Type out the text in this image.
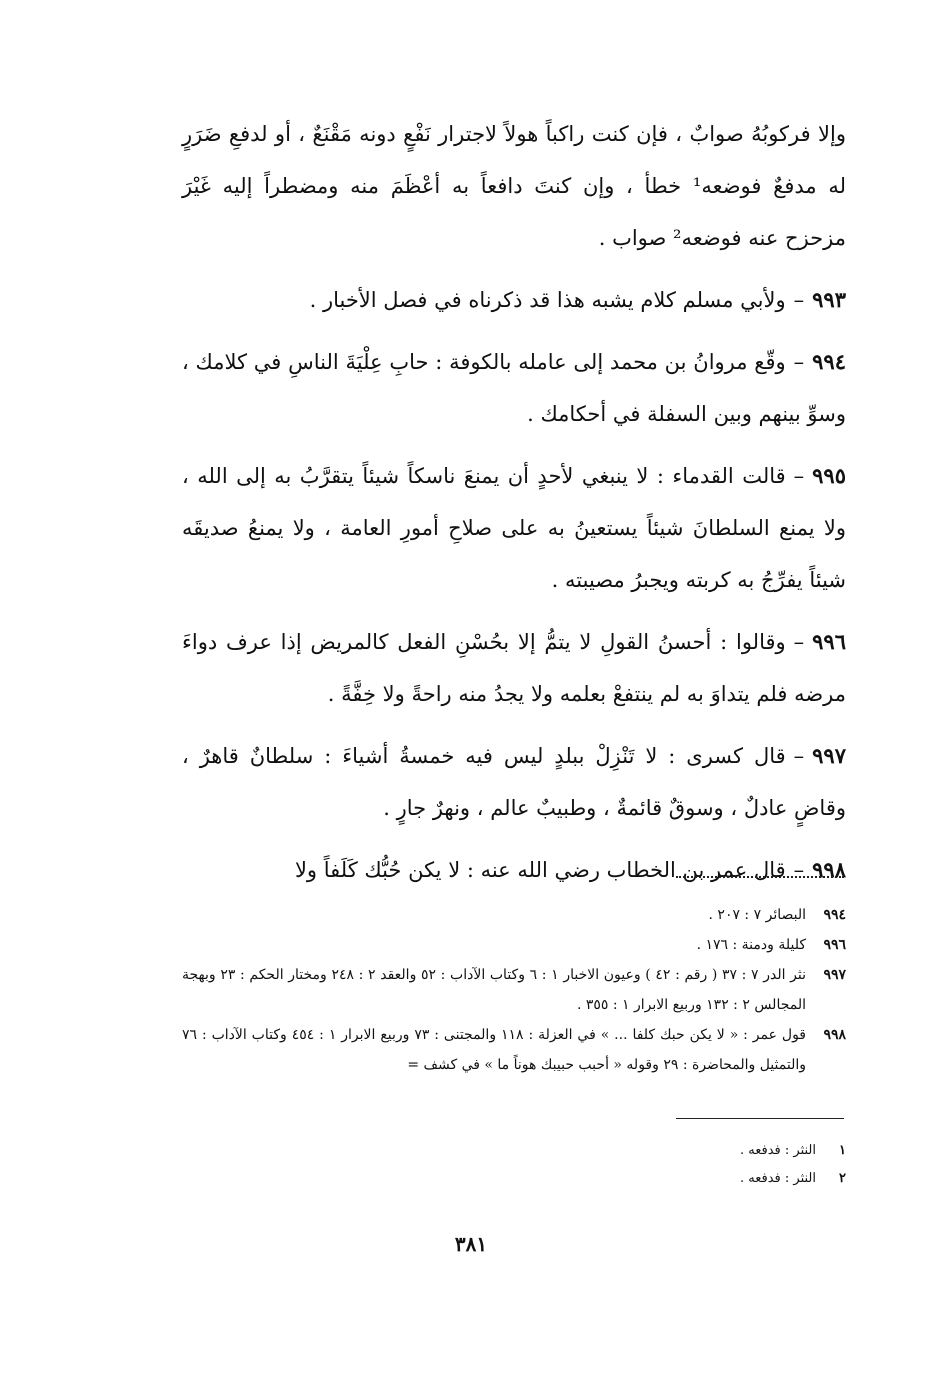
وإلا فركوبُهُ صوابٌ ، فإن كنت راكباً هولاً لاجترار نَفْعٍ دونه مَقْنَعٌ ، أو لدفعِ ضَرَرٍ له مدفعٌ فوضعه¹ خطأ ، وإن كنتَ دافعاً به أعْظَمَ منه ومضطراً إليه غَيْرَ مزحزح عنه فوضعه² صواب .

٩٩٣–ولأبي مسلم كلام يشبه هذا قد ذكرناه في فصل الأخبار .

٩٩٤–وقّع مروانُ بن محمد إلى عامله بالكوفة : حابِ عِلْيَةَ الناسِ في كلامك ، وسوِّ بينهم وبين السفلة في أحكامك .

٩٩٥–قالت القدماء : لا ينبغي لأحدٍ أن يمنعَ ناسكاً شيئاً يتقرَّبُ به إلى الله ، ولا يمنع السلطانَ شيئاً يستعينُ به على صلاحِ أمورِ العامة ، ولا يمنعُ صديقَه شيئاً يفرِّجُ به كربته ويجبرُ مصيبته .

٩٩٦–وقالوا : أحسنُ القولِ لا يتمُّ إلا بحُسْنِ الفعل كالمريض إذا عرف دواءَ مرضه فلم يتداوَ به لم ينتفعْ بعلمه ولا يجدُ منه راحةً ولا خِفَّةً .

٩٩٧–قال كسرى : لا تَنْزِلْ ببلدٍ ليس فيه خمسةُ أشياءَ : سلطانٌ قاهرٌ ، وقاضٍ عادلٌ ، وسوقٌ قائمةٌ ، وطبيبٌ عالم ، ونهرٌ جارٍ .

٩٩٨–قال عمر بن الخطاب رضي الله عنه : لا يكن حُبُّك كَلَفاً ولا

٩٩٤
البصائر ٧ : ٢٠٧ .

٩٩٦
كليلة ودمنة : ١٧٦ .

٩٩٧
نثر الدر ٧ : ٣٧ ( رقم : ٤٢ ) وعيون الاخبار ١ : ٦ وكتاب الآداب : ٥٢ والعقد ٢ : ٢٤٨ ومختار الحكم : ٢٣ وبهجة المجالس ٢ : ١٣٢ وربيع الابرار ١ : ٣٥٥ .

٩٩٨
قول عمر : « لا يكن حبك كلفا ... » في العزلة : ١١٨ والمجتنى : ٧٣ وربيع الابرار ١ : ٤٥٤ وكتاب الآداب : ٧٦ والتمثيل والمحاضرة : ٢٩ وقوله « أحبب حبيبك هوناً ما » في كشف =

١
النثر : فدفعه .

٢
النثر : فدفعه .

٣٨١
